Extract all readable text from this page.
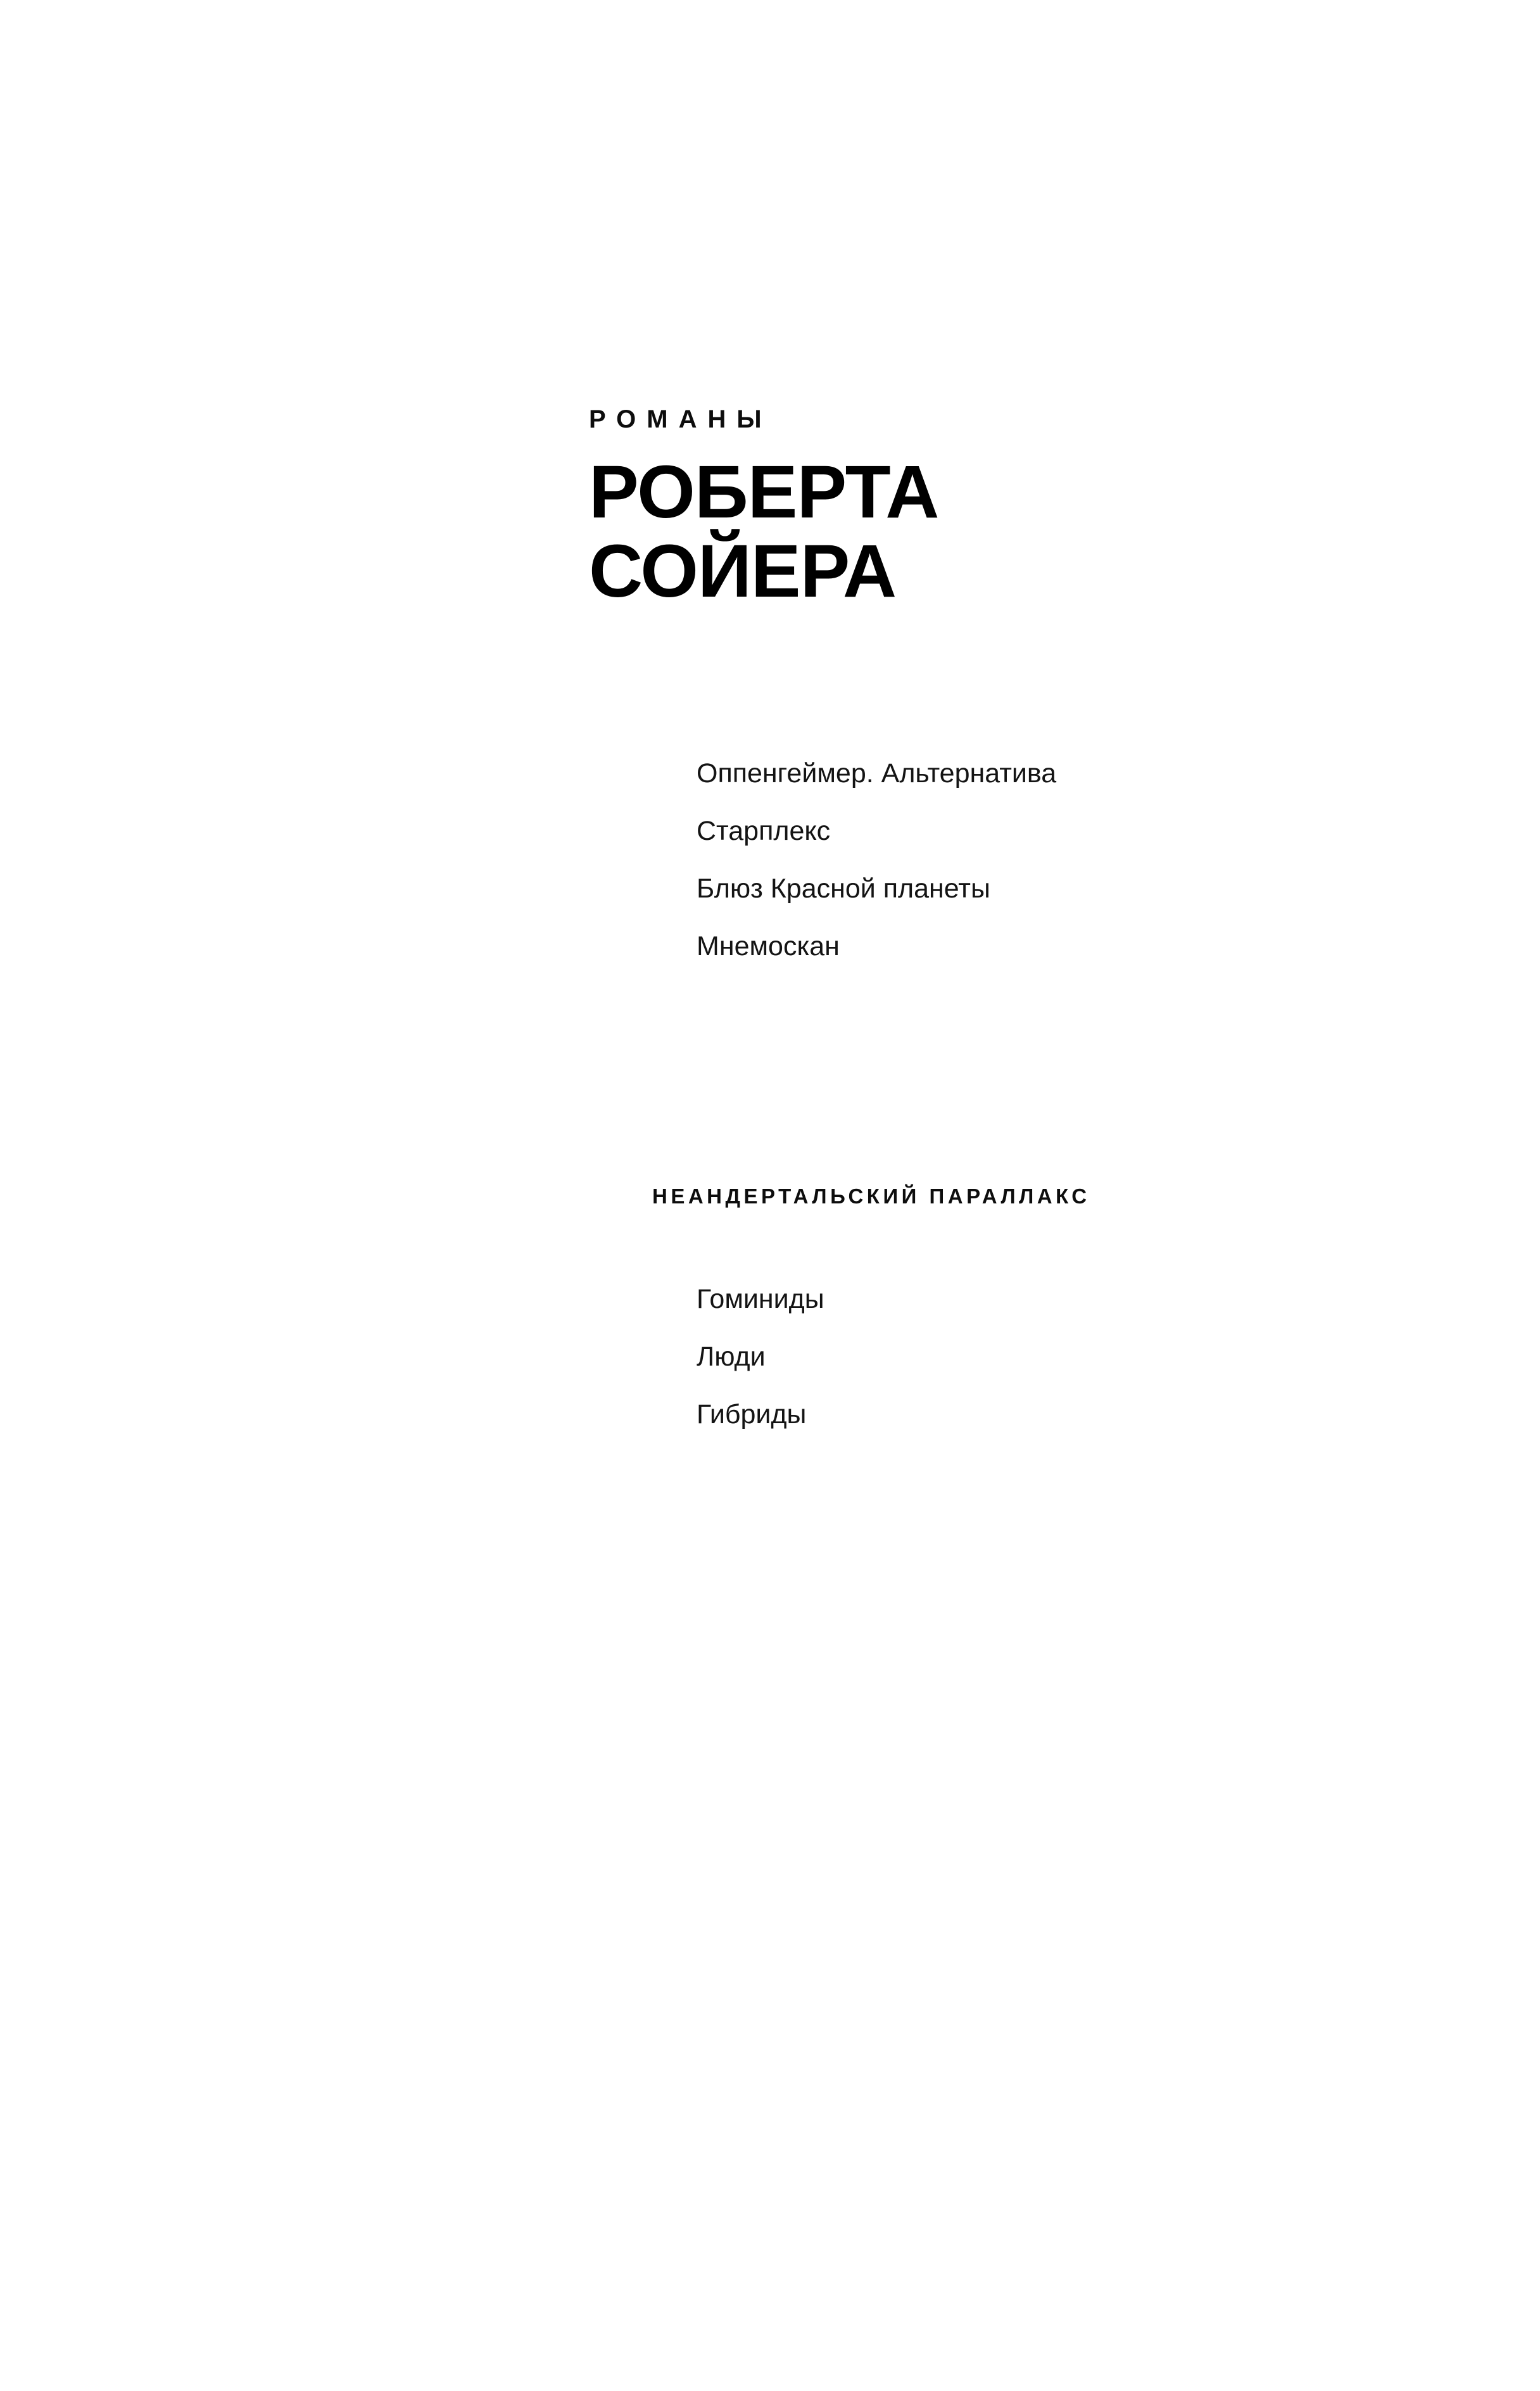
РОМАНЫ

РОБЕРТА
СОЙЕРА
Оппенгеймер. Альтернатива
Старплекс
Блюз Красной планеты
Мнемоскан
НЕАНДЕРТАЛЬСКИЙ ПАРАЛЛАКС
Гоминиды
Люди
Гибриды
